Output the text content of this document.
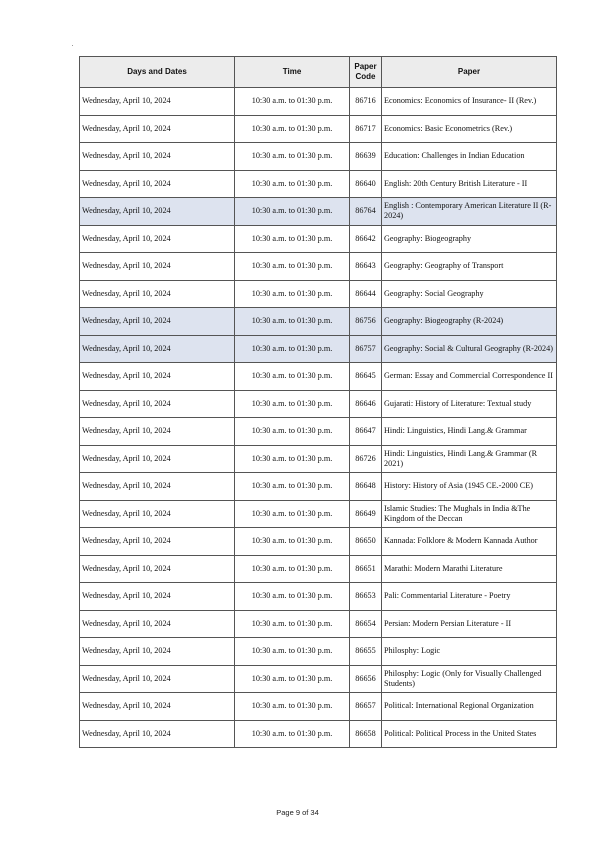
Days and Dates	Time	Paper Code	Paper
Wednesday, April 10, 2024	10:30 a.m. to 01:30 p.m.	86716	Economics: Economics of Insurance- II (Rev.)
Wednesday, April 10, 2024	10:30 a.m. to 01:30 p.m.	86717	Economics: Basic Econometrics (Rev.)
Wednesday, April 10, 2024	10:30 a.m. to 01:30 p.m.	86639	Education: Challenges in Indian Education
Wednesday, April 10, 2024	10:30 a.m. to 01:30 p.m.	86640	English: 20th Century British Literature - II
Wednesday, April 10, 2024	10:30 a.m. to 01:30 p.m.	86764	English : Contemporary American Literature II (R-2024)
Wednesday, April 10, 2024	10:30 a.m. to 01:30 p.m.	86642	Geography: Biogeography
Wednesday, April 10, 2024	10:30 a.m. to 01:30 p.m.	86643	Geography: Geography of Transport
Wednesday, April 10, 2024	10:30 a.m. to 01:30 p.m.	86644	Geography: Social Geography
Wednesday, April 10, 2024	10:30 a.m. to 01:30 p.m.	86756	Geography: Biogeography (R-2024)
Wednesday, April 10, 2024	10:30 a.m. to 01:30 p.m.	86757	Geography: Social & Cultural Geography (R-2024)
Wednesday, April 10, 2024	10:30 a.m. to 01:30 p.m.	86645	German: Essay and Commercial Correspondence II
Wednesday, April 10, 2024	10:30 a.m. to 01:30 p.m.	86646	Gujarati: History of Literature: Textual study
Wednesday, April 10, 2024	10:30 a.m. to 01:30 p.m.	86647	Hindi: Linguistics, Hindi Lang.& Grammar
Wednesday, April 10, 2024	10:30 a.m. to 01:30 p.m.	86726	Hindi: Linguistics, Hindi Lang.& Grammar (R 2021)
Wednesday, April 10, 2024	10:30 a.m. to 01:30 p.m.	86648	History: History of Asia (1945 CE.-2000 CE)
Wednesday, April 10, 2024	10:30 a.m. to 01:30 p.m.	86649	Islamic Studies: The Mughals in India &The Kingdom of the Deccan
Wednesday, April 10, 2024	10:30 a.m. to 01:30 p.m.	86650	Kannada: Folklore & Modern Kannada Author
Wednesday, April 10, 2024	10:30 a.m. to 01:30 p.m.	86651	Marathi: Modern Marathi Literature
Wednesday, April 10, 2024	10:30 a.m. to 01:30 p.m.	86653	Pali: Commentarial Literature - Poetry
Wednesday, April 10, 2024	10:30 a.m. to 01:30 p.m.	86654	Persian: Modern Persian Literature - II
Wednesday, April 10, 2024	10:30 a.m. to 01:30 p.m.	86655	Philosphy: Logic
Wednesday, April 10, 2024	10:30 a.m. to 01:30 p.m.	86656	Philosphy: Logic (Only for Visually Challenged Students)
Wednesday, April 10, 2024	10:30 a.m. to 01:30 p.m.	86657	Political: International Regional Organization
Wednesday, April 10, 2024	10:30 a.m. to 01:30 p.m.	86658	Political: Political Process in the United States
Page 9 of 34
